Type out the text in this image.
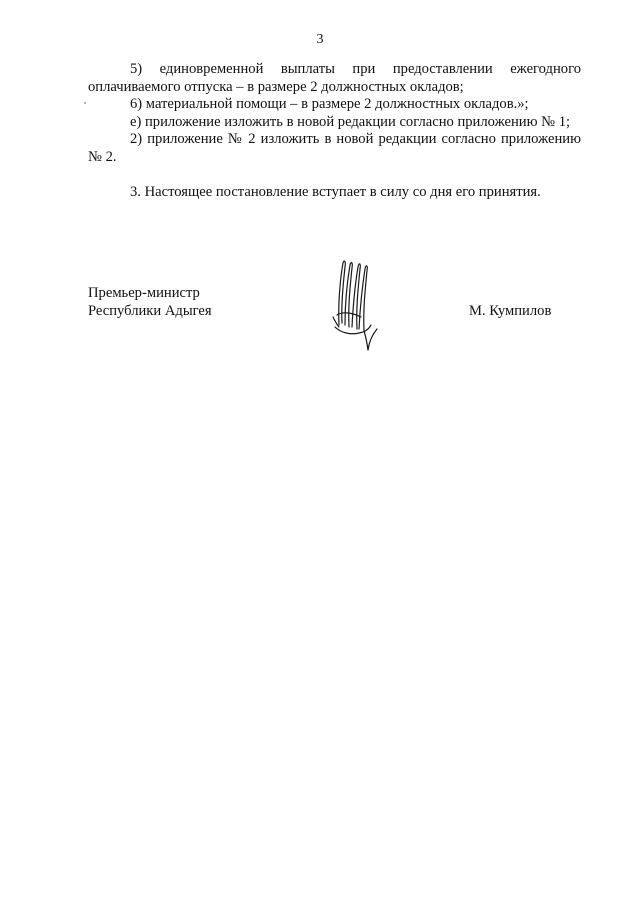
3

5) единовременной выплаты при предоставлении ежегодного оплачиваемого отпуска – в размере 2 должностных окладов;

6) материальной помощи – в размере 2 должностных окладов.»;

е) приложение изложить в новой редакции согласно приложению № 1;

2) приложение № 2 изложить в новой редакции согласно приложению № 2.

3. Настоящее постановление вступает в силу со дня его принятия.

Премьер-министр
Республики Адыгея	М. Кумпилов
